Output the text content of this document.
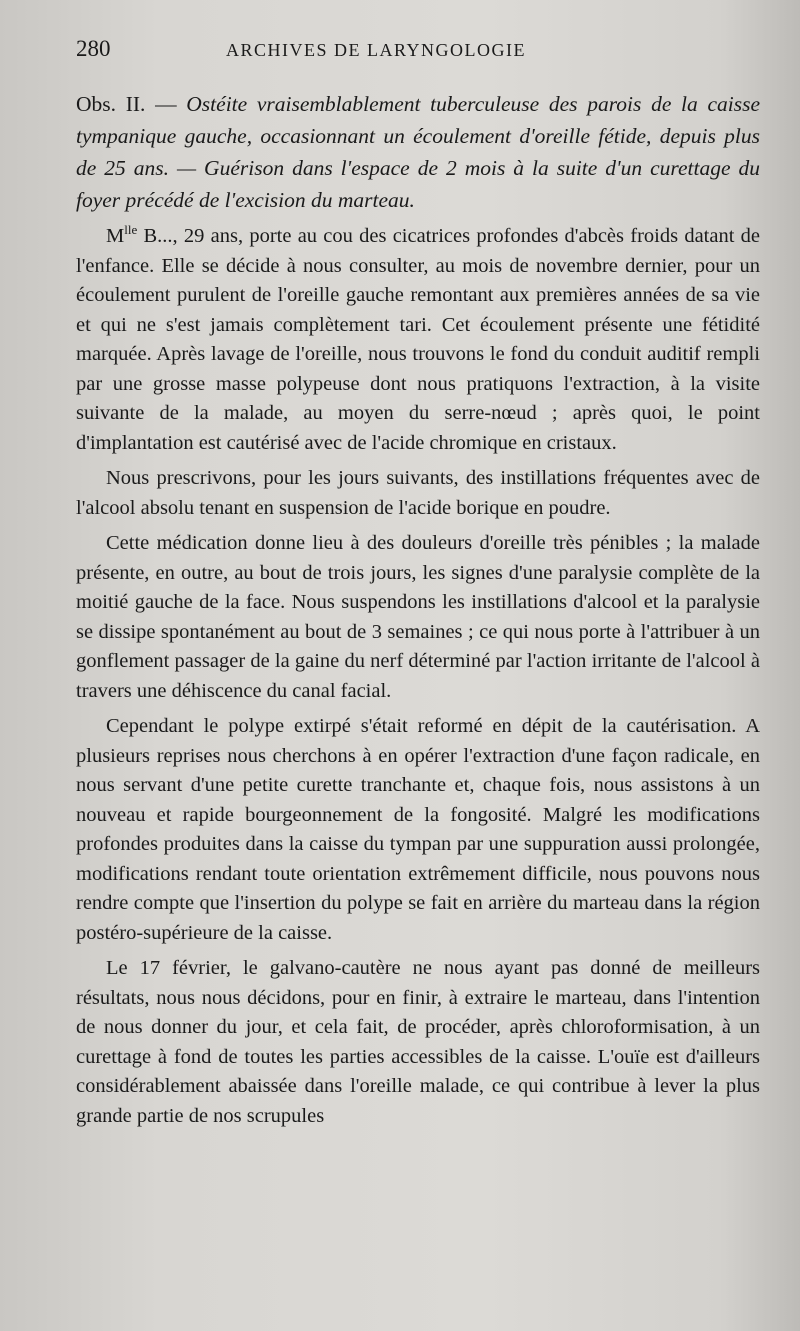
280	ARCHIVES DE LARYNGOLOGIE

Obs. II. — Ostéite vraisemblablement tuberculeuse des parois de la caisse tympanique gauche, occasionnant un écoulement d'oreille fétide, depuis plus de 25 ans. — Guérison dans l'espace de 2 mois à la suite d'un curettage du foyer précédé de l'excision du marteau.

$M^{lle}$ B..., 29 ans, porte au cou des cicatrices profondes d'abcès froids datant de l'enfance. Elle se décide à nous consulter, au mois de novembre dernier, pour un écoulement purulent de l'oreille gauche remontant aux premières années de sa vie et qui ne s'est jamais complètement tari. Cet écoulement présente une fétidité marquée. Après lavage de l'oreille, nous trouvons le fond du conduit auditif rempli par une grosse masse polypeuse dont nous pratiquons l'extraction, à la visite suivante de la malade, au moyen du serre-nœud ; après quoi, le point d'implantation est cautérisé avec de l'acide chromique en cristaux.

Nous prescrivons, pour les jours suivants, des instillations fréquentes avec de l'alcool absolu tenant en suspension de l'acide borique en poudre.

Cette médication donne lieu à des douleurs d'oreille très pénibles ; la malade présente, en outre, au bout de trois jours, les signes d'une paralysie complète de la moitié gauche de la face. Nous suspendons les instillations d'alcool et la paralysie se dissipe spontanément au bout de 3 semaines ; ce qui nous porte à l'attribuer à un gonflement passager de la gaine du nerf déterminé par l'action irritante de l'alcool à travers une déhiscence du canal facial.

Cependant le polype extirpé s'était reformé en dépit de la cautérisation. A plusieurs reprises nous cherchons à en opérer l'extraction d'une façon radicale, en nous servant d'une petite curette tranchante et, chaque fois, nous assistons à un nouveau et rapide bourgeonnement de la fongosité. Malgré les modifications profondes produites dans la caisse du tympan par une suppuration aussi prolongée, modifications rendant toute orientation extrêmement difficile, nous pouvons nous rendre compte que l'insertion du polype se fait en arrière du marteau dans la région postéro-supérieure de la caisse.

Le 17 février, le galvano-cautère ne nous ayant pas donné de meilleurs résultats, nous nous décidons, pour en finir, à extraire le marteau, dans l'intention de nous donner du jour, et cela fait, de procéder, après chloroformisation, à un curettage à fond de toutes les parties accessibles de la caisse. L'ouïe est d'ailleurs considérablement abaissée dans l'oreille malade, ce qui contribue à lever la plus grande partie de nos scrupules
